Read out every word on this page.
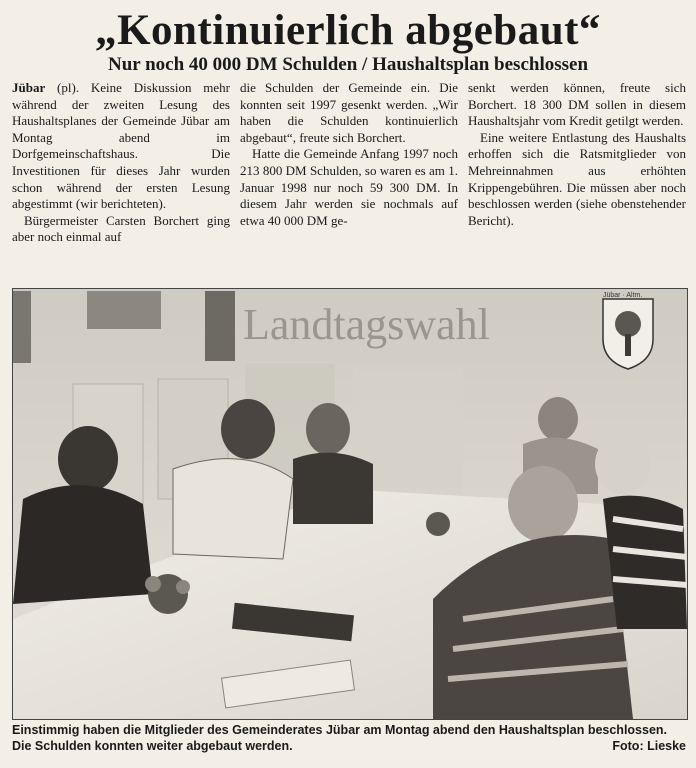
„Kontinuierlich abgebaut“
Nur noch 40 000 DM Schulden / Haushaltsplan beschlossen

Jübar (pl). Keine Diskussion mehr während der zweiten Lesung des Haushaltsplanes der Gemeinde Jübar am Montag abend im Dorfgemeinschaftshaus. Die Investitionen für dieses Jahr wurden schon während der ersten Lesung abgestimmt (wir berichteten).

Bürgermeister Carsten Borchert ging aber noch einmal auf

die Schulden der Gemeinde ein. Die konnten seit 1997 gesenkt werden. „Wir haben die Schulden kontinuierlich abgebaut“, freute sich Borchert.

Hatte die Gemeinde Anfang 1997 noch 213 800 DM Schulden, so waren es am 1. Januar 1998 nur noch 59 300 DM. In diesem Jahr werden sie nochmals auf etwa 40 000 DM ge-

senkt werden können, freute sich Borchert. 18 300 DM sollen in diesem Haushaltsjahr vom Kredit getilgt werden.

Eine weitere Entlastung des Haushalts erhoffen sich die Ratsmitglieder von Mehreinnahmen aus erhöhten Krippengebühren. Die müssen aber noch beschlossen werden (siehe obenstehender Bericht).

Landtagswahl
Jübar · Altm.
Einstimmig haben die Mitglieder des Gemeinderates Jübar am Montag abend den Haushaltsplan beschlossen. Die Schulden konnten weiter abgebaut werden.	Foto: Lieske
